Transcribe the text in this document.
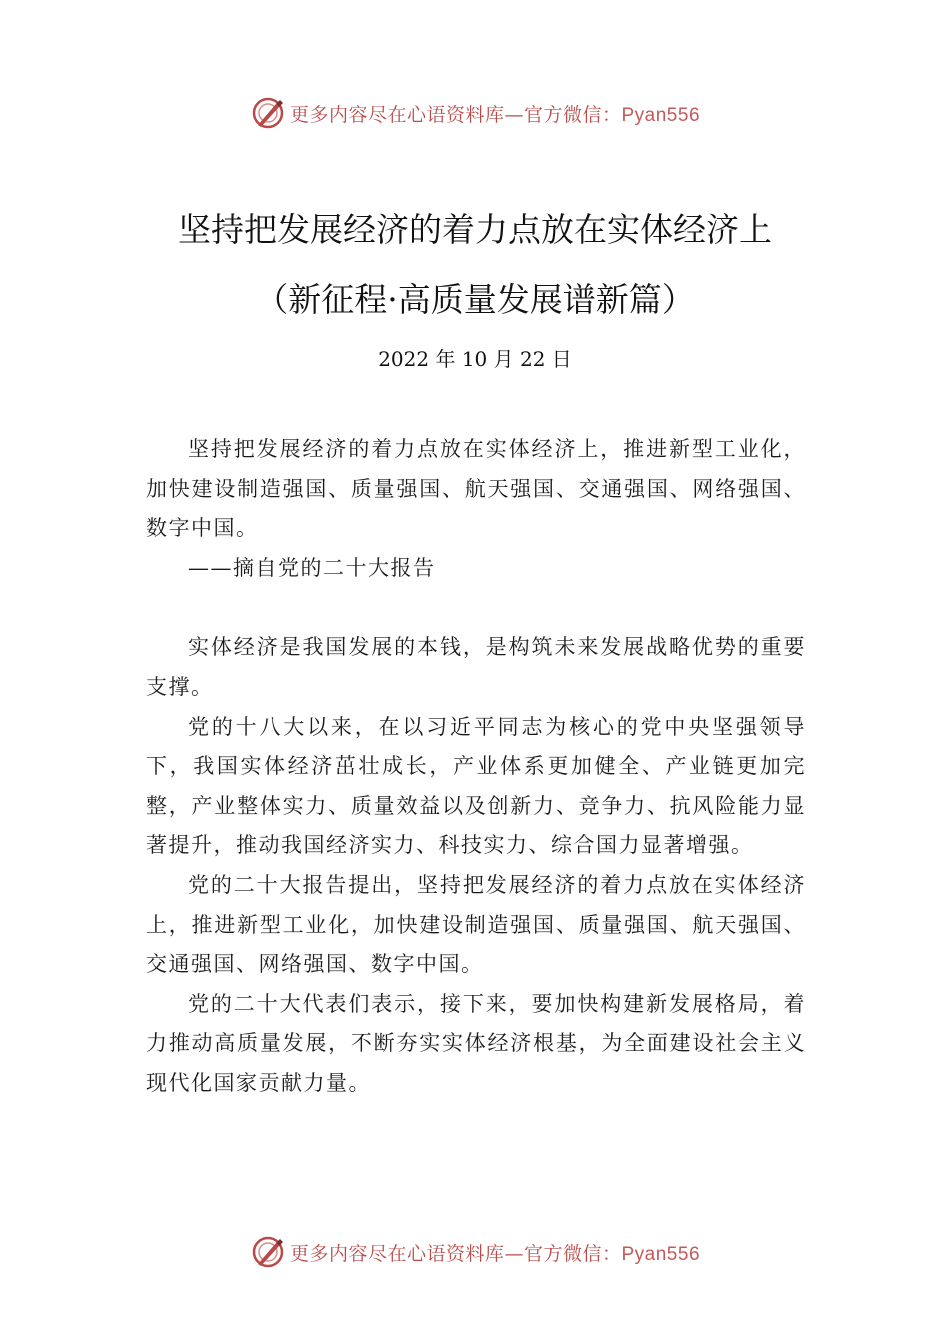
更多内容尽在心语资料库—官方微信：Pyan556
坚持把发展经济的着力点放在实体经济上
（新征程·高质量发展谱新篇）
2022 年 10 月 22 日

坚持把发展经济的着力点放在实体经济上，推进新型工业化，加快建设制造强国、质量强国、航天强国、交通强国、网络强国、数字中国。

——摘自党的二十大报告

实体经济是我国发展的本钱，是构筑未来发展战略优势的重要支撑。

党的十八大以来，在以习近平同志为核心的党中央坚强领导下，我国实体经济茁壮成长，产业体系更加健全、产业链更加完整，产业整体实力、质量效益以及创新力、竞争力、抗风险能力显著提升，推动我国经济实力、科技实力、综合国力显著增强。

党的二十大报告提出，坚持把发展经济的着力点放在实体经济上，推进新型工业化，加快建设制造强国、质量强国、航天强国、交通强国、网络强国、数字中国。

党的二十大代表们表示，接下来，要加快构建新发展格局，着力推动高质量发展，不断夯实实体经济根基，为全面建设社会主义现代化国家贡献力量。

更多内容尽在心语资料库—官方微信：Pyan556
